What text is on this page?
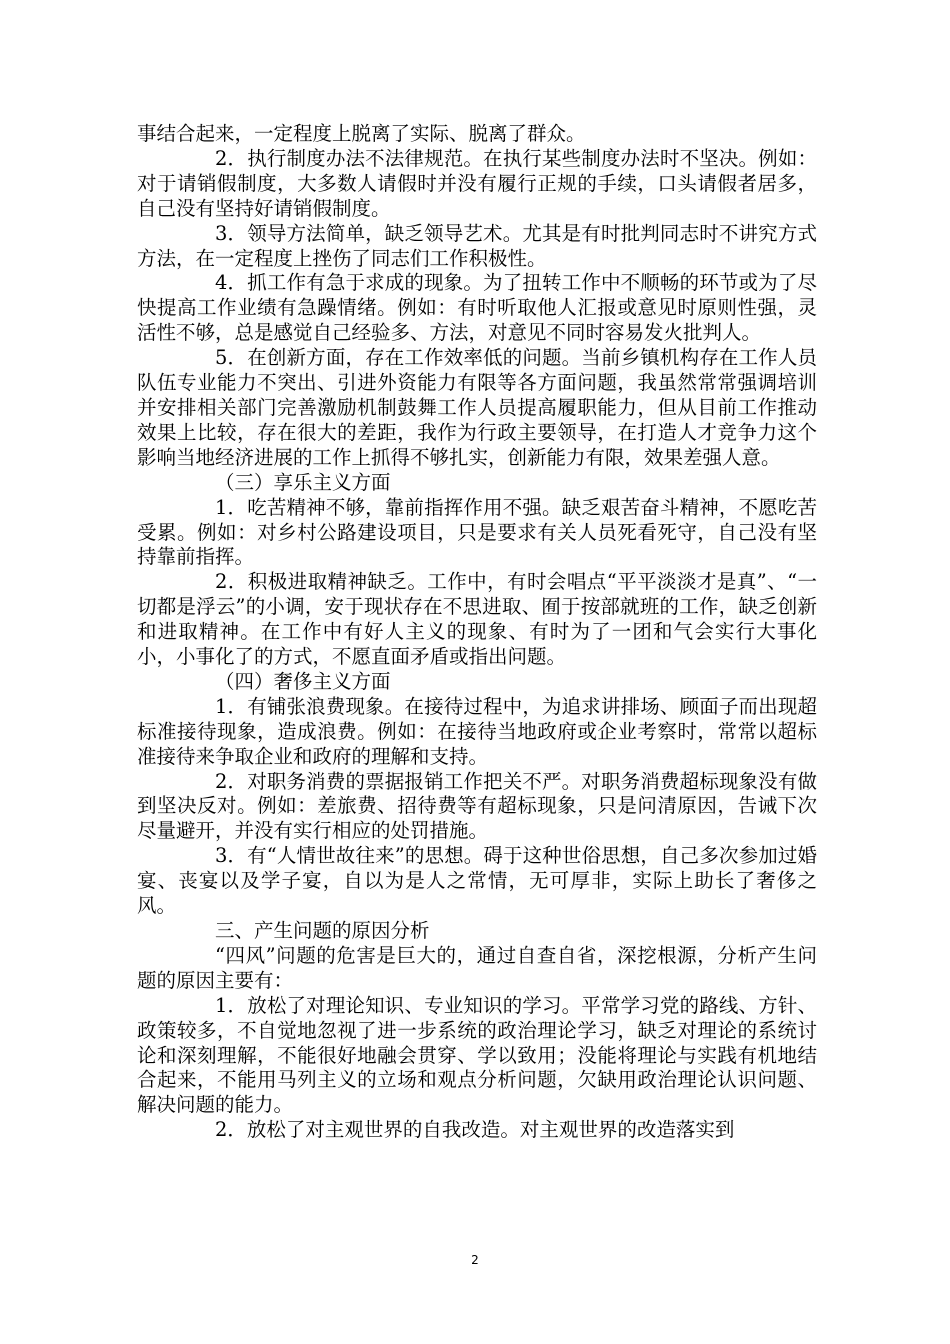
事结合起来，一定程度上脱离了实际、脱离了群众。

2．执行制度办法不法律规范。在执行某些制度办法时不坚决。例如：对于请销假制度，大多数人请假时并没有履行正规的手续，口头请假者居多，自己没有坚持好请销假制度。

3．领导方法简单，缺乏领导艺术。尤其是有时批判同志时不讲究方式方法，在一定程度上挫伤了同志们工作积极性。

4．抓工作有急于求成的现象。为了扭转工作中不顺畅的环节或为了尽快提高工作业绩有急躁情绪。例如：有时听取他人汇报或意见时原则性强，灵活性不够，总是感觉自己经验多、方法，对意见不同时容易发火批判人。

5．在创新方面，存在工作效率低的问题。当前乡镇机构存在工作人员队伍专业能力不突出、引进外资能力有限等各方面问题，我虽然常常强调培训并安排相关部门完善激励机制鼓舞工作人员提高履职能力，但从目前工作推动效果上比较，存在很大的差距，我作为行政主要领导，在打造人才竞争力这个影响当地经济进展的工作上抓得不够扎实，创新能力有限，效果差强人意。

（三）享乐主义方面

1．吃苦精神不够，靠前指挥作用不强。缺乏艰苦奋斗精神，不愿吃苦受累。例如：对乡村公路建设项目，只是要求有关人员死看死守，自己没有坚持靠前指挥。

2．积极进取精神缺乏。工作中，有时会唱点“平平淡淡才是真”、“一切都是浮云”的小调，安于现状存在不思进取、囿于按部就班的工作，缺乏创新和进取精神。在工作中有好人主义的现象、有时为了一团和气会实行大事化小，小事化了的方式，不愿直面矛盾或指出问题。

（四）奢侈主义方面

1．有铺张浪费现象。在接待过程中，为追求讲排场、顾面子而出现超标准接待现象，造成浪费。例如：在接待当地政府或企业考察时，常常以超标准接待来争取企业和政府的理解和支持。

2．对职务消费的票据报销工作把关不严。对职务消费超标现象没有做到坚决反对。例如：差旅费、招待费等有超标现象，只是问清原因，告诫下次尽量避开，并没有实行相应的处罚措施。

3．有“人情世故往来”的思想。碍于这种世俗思想，自己多次参加过婚宴、丧宴以及学子宴，自以为是人之常情，无可厚非，实际上助长了奢侈之风。

三、产生问题的原因分析

“四风”问题的危害是巨大的，通过自查自省，深挖根源，分析产生问题的原因主要有：

1．放松了对理论知识、专业知识的学习。平常学习党的路线、方针、政策较多，不自觉地忽视了进一步系统的政治理论学习，缺乏对理论的系统讨论和深刻理解，不能很好地融会贯穿、学以致用；没能将理论与实践有机地结合起来，不能用马列主义的立场和观点分析问题，欠缺用政治理论认识问题、解决问题的能力。

2．放松了对主观世界的自我改造。对主观世界的改造落实到

2
